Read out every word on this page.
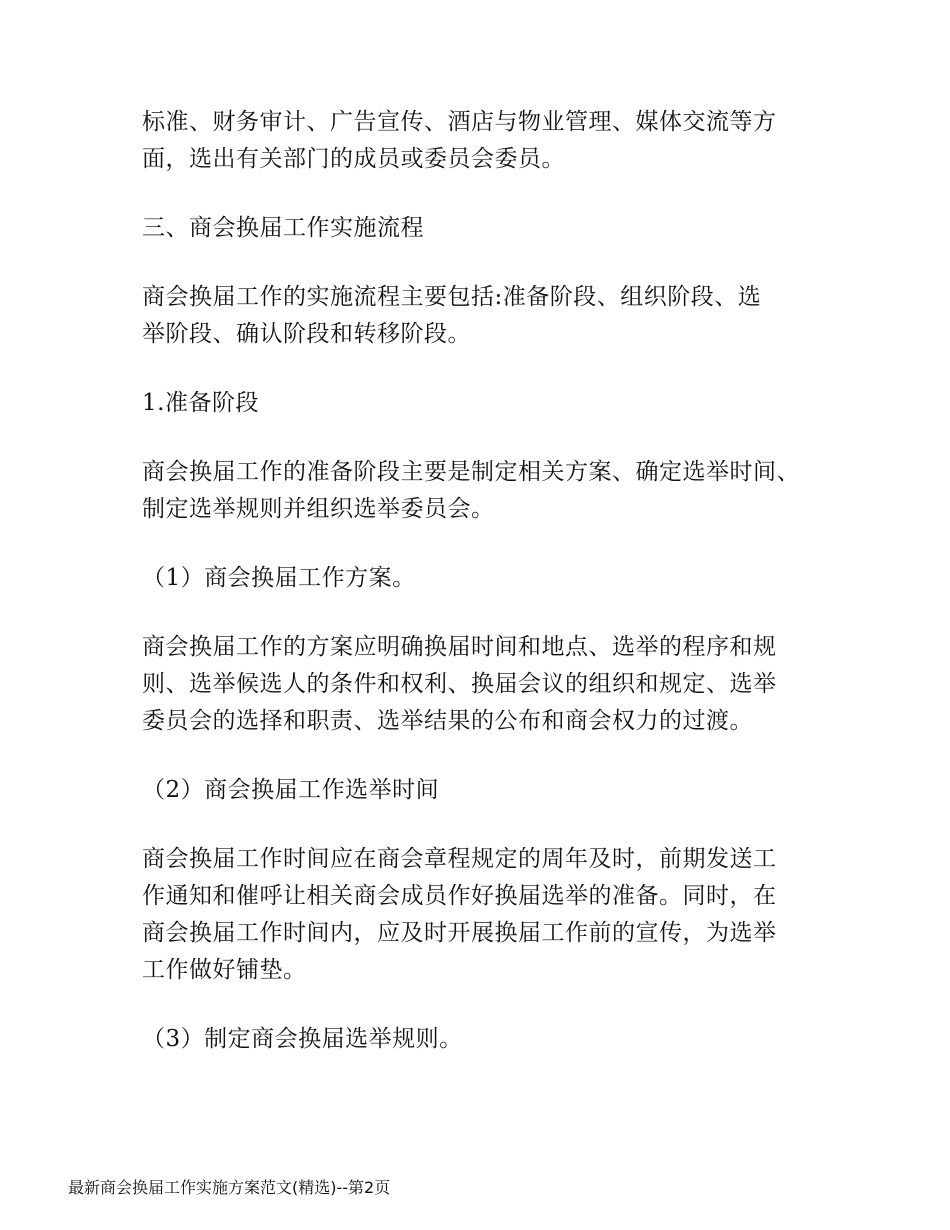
标准、财务审计、广告宣传、酒店与物业管理、媒体交流等方
面，选出有关部门的成员或委员会委员。
三、商会换届工作实施流程
商会换届工作的实施流程主要包括:准备阶段、组织阶段、选
举阶段、确认阶段和转移阶段。
1.准备阶段
商会换届工作的准备阶段主要是制定相关方案、确定选举时间、
制定选举规则并组织选举委员会。
（1）商会换届工作方案。
商会换届工作的方案应明确换届时间和地点、选举的程序和规
则、选举候选人的条件和权利、换届会议的组织和规定、选举
委员会的选择和职责、选举结果的公布和商会权力的过渡。
（2）商会换届工作选举时间
商会换届工作时间应在商会章程规定的周年及时，前期发送工
作通知和催呼让相关商会成员作好换届选举的准备。同时，在
商会换届工作时间内，应及时开展换届工作前的宣传，为选举
工作做好铺垫。
（3）制定商会换届选举规则。
最新商会换届工作实施方案范文(精选)--第2页
